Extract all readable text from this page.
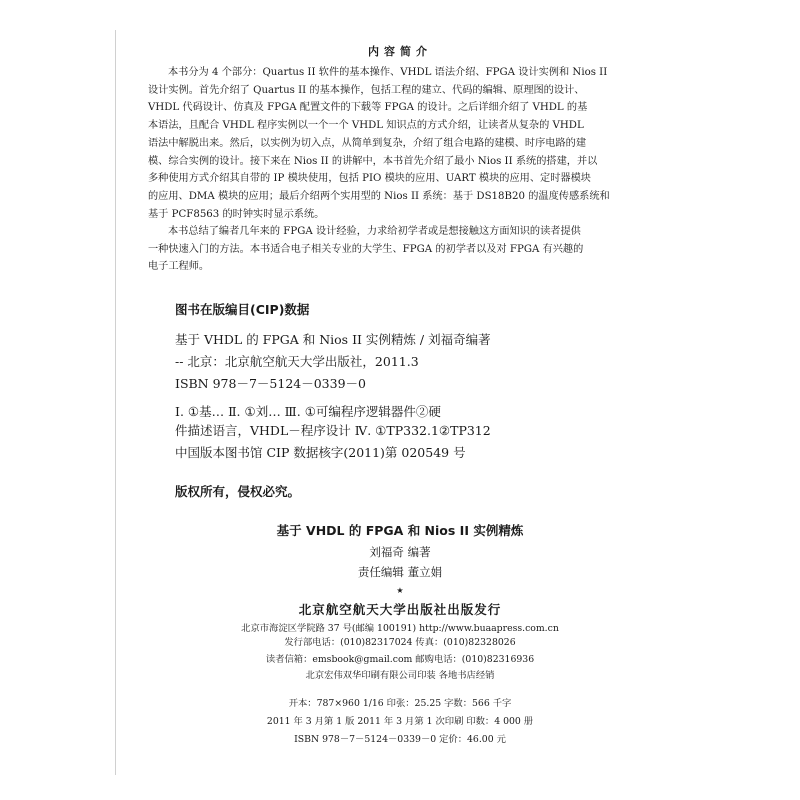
内容简介
本书分为 4 个部分：Quartus II 软件的基本操作、VHDL 语法介绍、FPGA 设计实例和 Nios II
设计实例。首先介绍了 Quartus II 的基本操作，包括工程的建立、代码的编辑、原理图的设计、
VHDL 代码设计、仿真及 FPGA 配置文件的下载等 FPGA 的设计。之后详细介绍了 VHDL 的基
本语法，且配合 VHDL 程序实例以一个一个 VHDL 知识点的方式介绍，让读者从复杂的 VHDL
语法中解脱出来。然后，以实例为切入点，从简单到复杂，介绍了组合电路的建模、时序电路的建
模、综合实例的设计。接下来在 Nios II 的讲解中，本书首先介绍了最小 Nios II 系统的搭建，并以
多种使用方式介绍其自带的 IP 模块使用，包括 PIO 模块的应用、UART 模块的应用、定时器模块
的应用、DMA 模块的应用；最后介绍两个实用型的 Nios II 系统：基于 DS18B20 的温度传感系统和
基于 PCF8563 的时钟实时显示系统。
本书总结了编者几年来的 FPGA 设计经验，力求给初学者或是想接触这方面知识的读者提供
一种快速入门的方法。本书适合电子相关专业的大学生、FPGA 的初学者以及对 FPGA 有兴趣的
电子工程师。
图书在版编目(CIP)数据
基于 VHDL 的 FPGA 和 Nios II 实例精炼 / 刘福奇编著
-- 北京：北京航空航天大学出版社，2011.3
ISBN 978－7－5124－0339－0
Ⅰ. ①基… Ⅱ. ①刘… Ⅲ. ①可编程序逻辑器件②硬
件描述语言，VHDL－程序设计 Ⅳ. ①TP332.1②TP312
中国版本图书馆 CIP 数据核字(2011)第 020549 号
版权所有，侵权必究。
基于 VHDL 的 FPGA 和 Nios II 实例精炼
刘福奇 编著
责任编辑 董立娟
★
北京航空航天大学出版社出版发行
北京市海淀区学院路 37 号(邮编 100191) http://www.buaapress.com.cn
发行部电话：(010)82317024 传真：(010)82328026
读者信箱：emsbook@gmail.com 邮购电话：(010)82316936
北京宏伟双华印刷有限公司印装 各地书店经销
开本：787×960 1/16 印张：25.25 字数：566 千字
2011 年 3 月第 1 版 2011 年 3 月第 1 次印刷 印数：4 000 册
ISBN 978－7－5124－0339－0 定价：46.00 元
